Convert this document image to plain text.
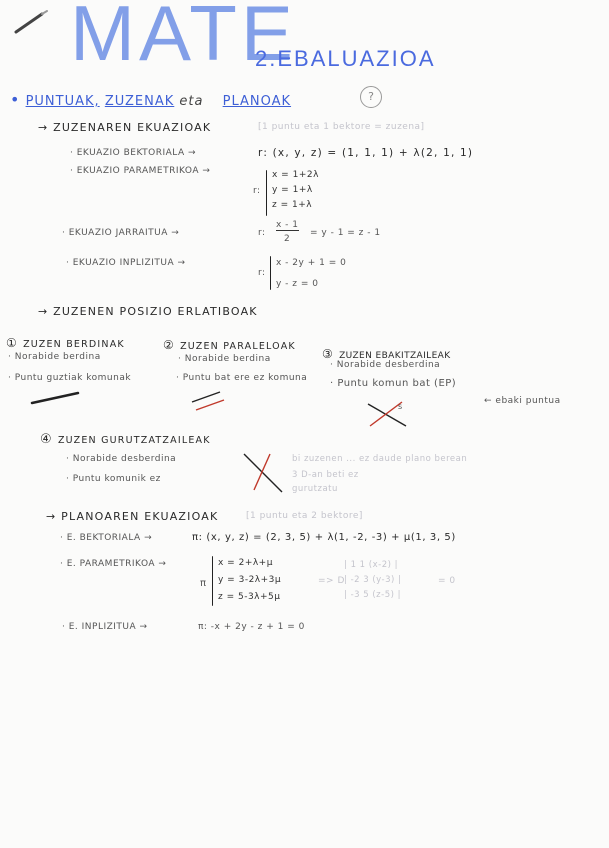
MATE
2.EBALUAZIOA
• PUNTUAK, ZUZENAK eta PLANOAK	?
→ ZUZENAREN EKUAZIOAK	[1 puntu eta 1 bektore = zuzena]
· EKUAZIO BEKTORIALA →	r: (x, y, z) = (1, 1, 1) + λ(2, 1, 1)
· EKUAZIO PARAMETRIKOA →
r:
x = 1+2λ
y = 1+λ
z = 1+λ
· EKUAZIO JARRAITUA →	r:
x - 1
2
= y - 1 = z - 1
· EKUAZIO INPLIZITUA →
r:
x - 2y + 1 = 0
y - z = 0
→ ZUZENEN POSIZIO ERLATIBOAK
① ZUZEN BERDINAK
· Norabide berdina
· Puntu guztiak komunak
② ZUZEN PARALELOAK
· Norabide berdina
· Puntu bat ere ez komuna
③ ZUZEN EBAKITZAILEAK
· Norabide desberdina
· Puntu komun bat (EP)
← ebaki puntua
s
④ ZUZEN GURUTZATZAILEAK
· Norabide desberdina
· Puntu komunik ez
bi zuzenen ... ez daude plano berean
3 D-an beti ez
gurutzatu
→ PLANOAREN EKUAZIOAK	[1 puntu eta 2 bektore]
· E. BEKTORIALA →	π: (x, y, z) = (2, 3, 5) + λ(1, -2, -3) + μ(1, 3, 5)
· E. PARAMETRIKOA →
π
x = 2+λ+μ
y = 3-2λ+3μ
z = 5-3λ+5μ
=> D
| 1 1 (x-2) |
| -2 3 (y-3) |
| -3 5 (z-5) |
= 0
· E. INPLIZITUA →	π: -x + 2y - z + 1 = 0
